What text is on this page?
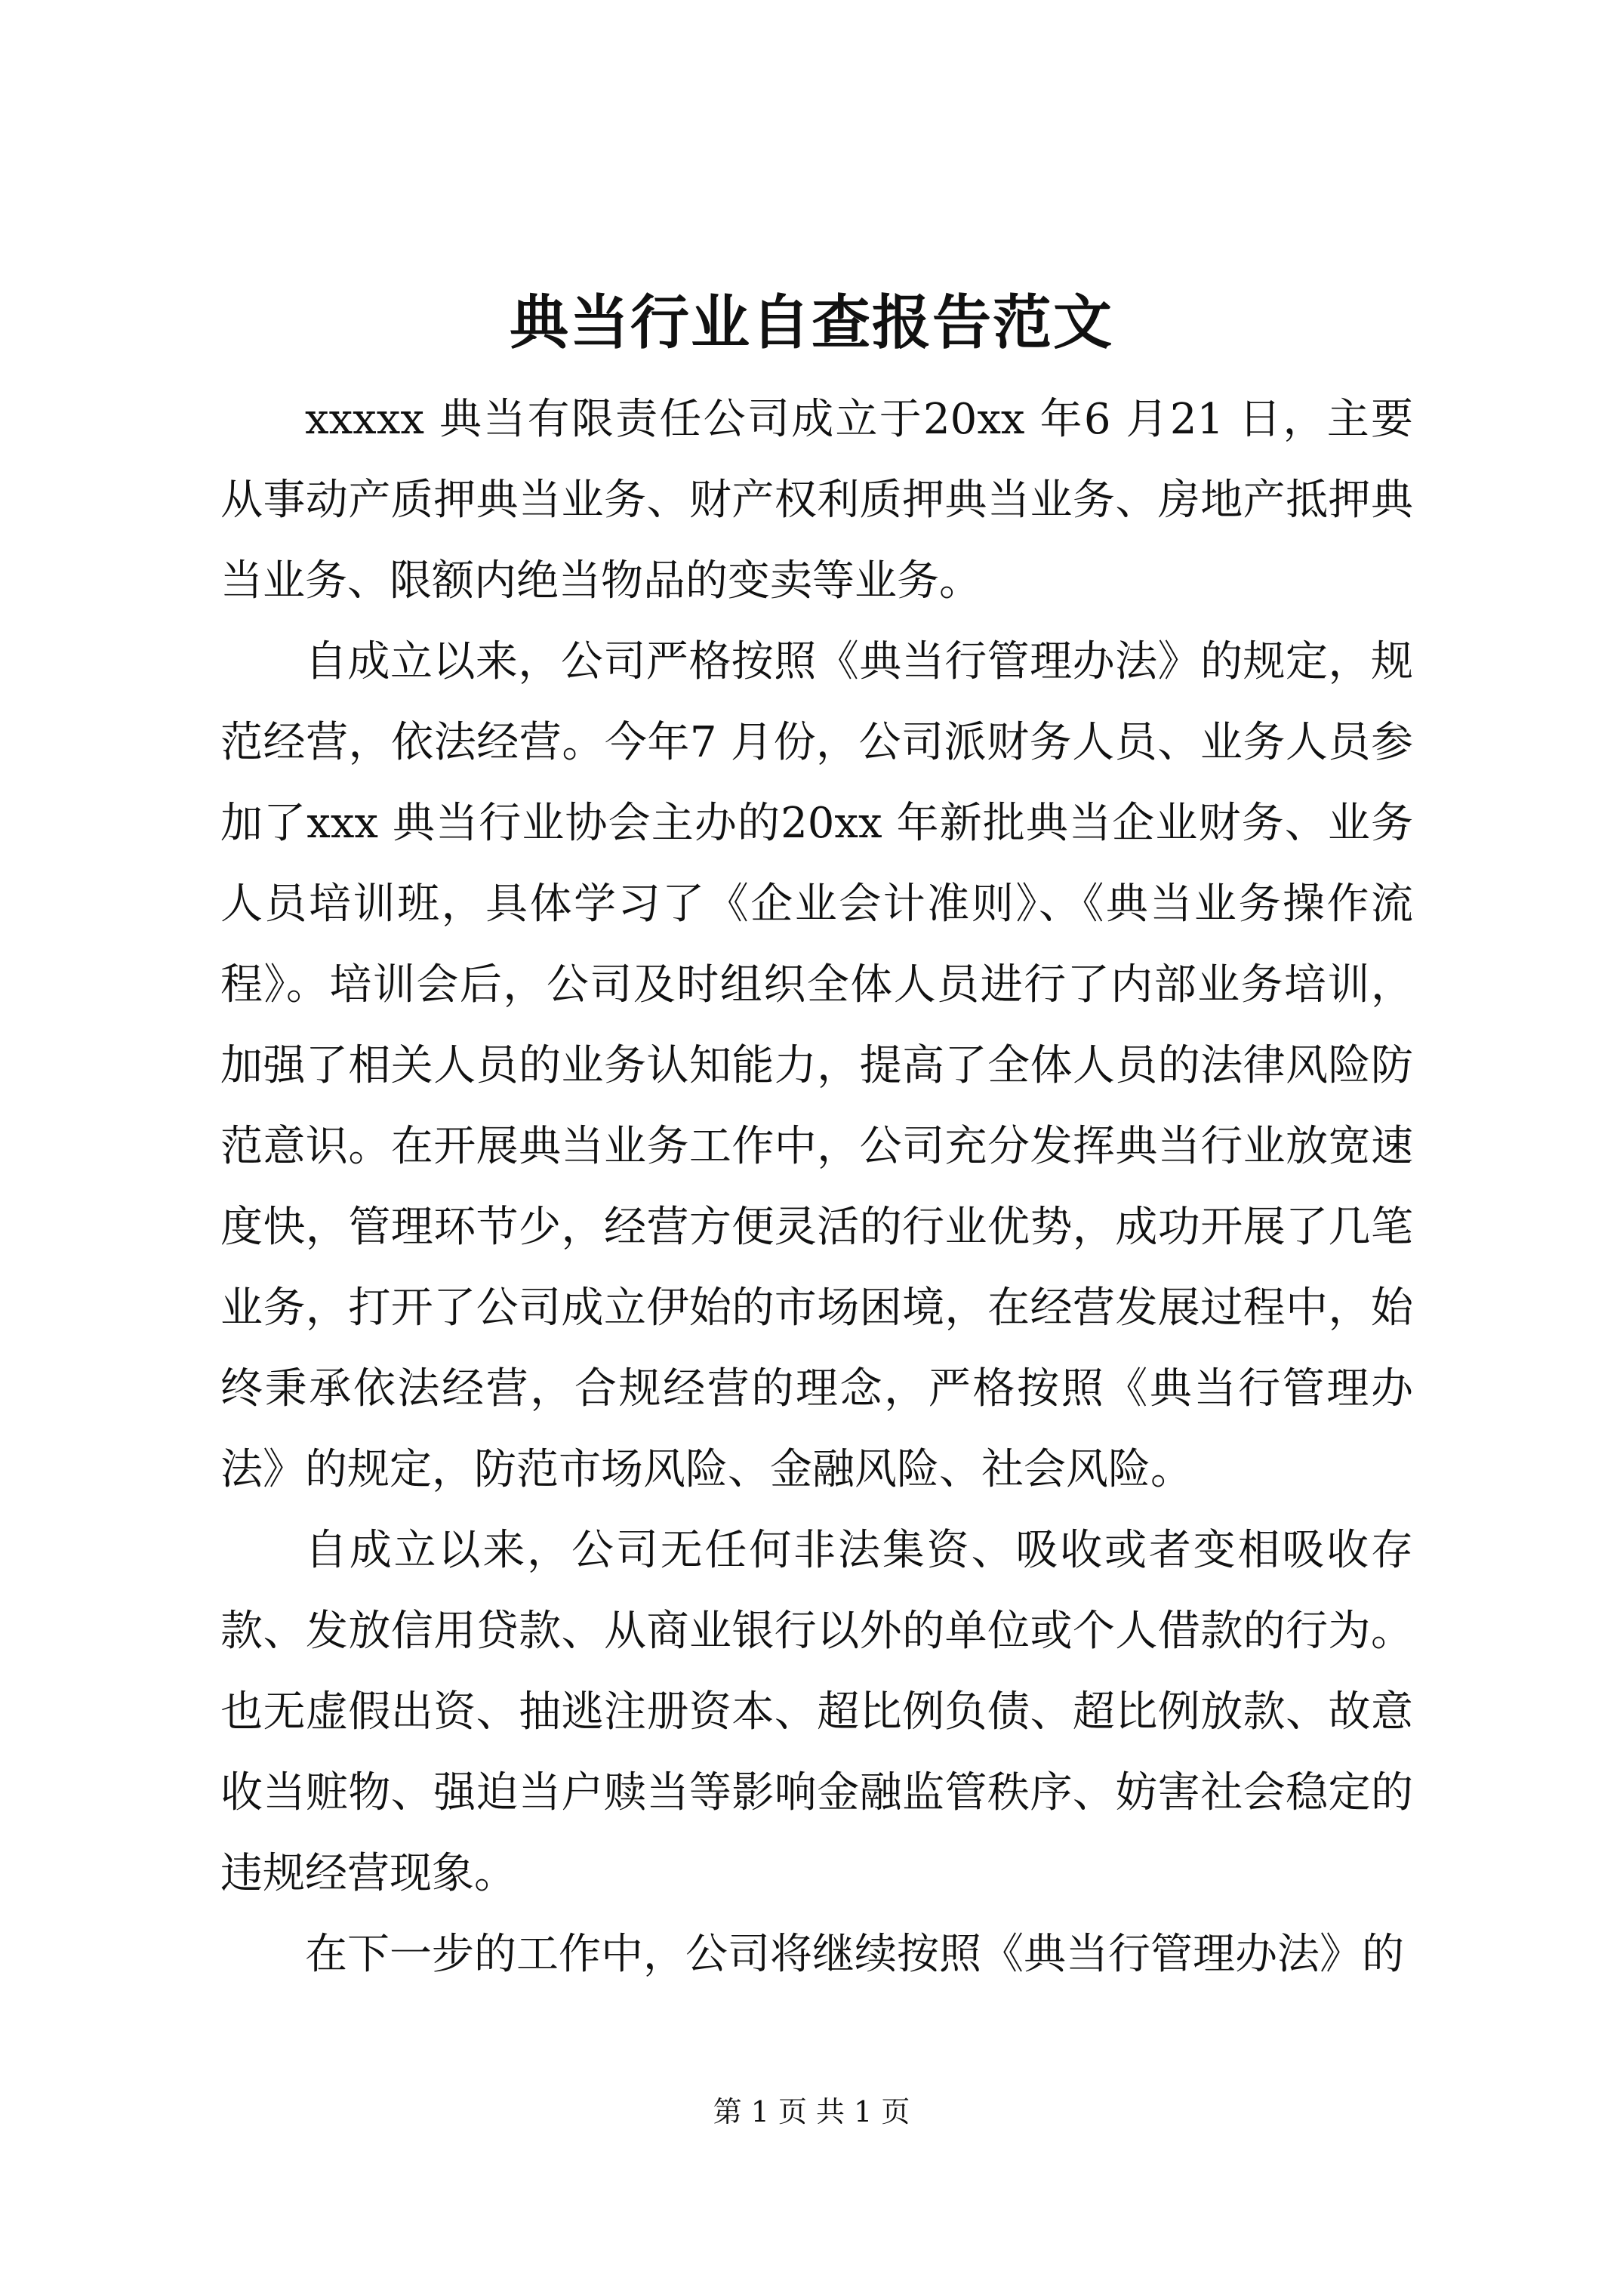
典当行业自查报告范文

xxxxx 典当有限责任公司成立于20xx 年6 月21 日，主要从事动产质押典当业务、财产权利质押典当业务、房地产抵押典当业务、限额内绝当物品的变卖等业务。

自成立以来，公司严格按照《典当行管理办法》的规定，规范经营，依法经营。今年7 月份，公司派财务人员、业务人员参加了xxx 典当行业协会主办的20xx 年新批典当企业财务、业务人员培训班，具体学习了《企业会计准则》、《典当业务操作流程》。培训会后，公司及时组织全体人员进行了内部业务培训，加强了相关人员的业务认知能力，提高了全体人员的法律风险防范意识。在开展典当业务工作中，公司充分发挥典当行业放宽速度快，管理环节少，经营方便灵活的行业优势，成功开展了几笔业务，打开了公司成立伊始的市场困境，在经营发展过程中，始终秉承依法经营，合规经营的理念，严格按照《典当行管理办法》的规定，防范市场风险、金融风险、社会风险。

自成立以来，公司无任何非法集资、吸收或者变相吸收存款、发放信用贷款、从商业银行以外的单位或个人借款的行为。也无虚假出资、抽逃注册资本、超比例负债、超比例放款、故意收当赃物、强迫当户赎当等影响金融监管秩序、妨害社会稳定的违规经营现象。

在下一步的工作中，公司将继续按照《典当行管理办法》的

第 1 页 共 1 页
